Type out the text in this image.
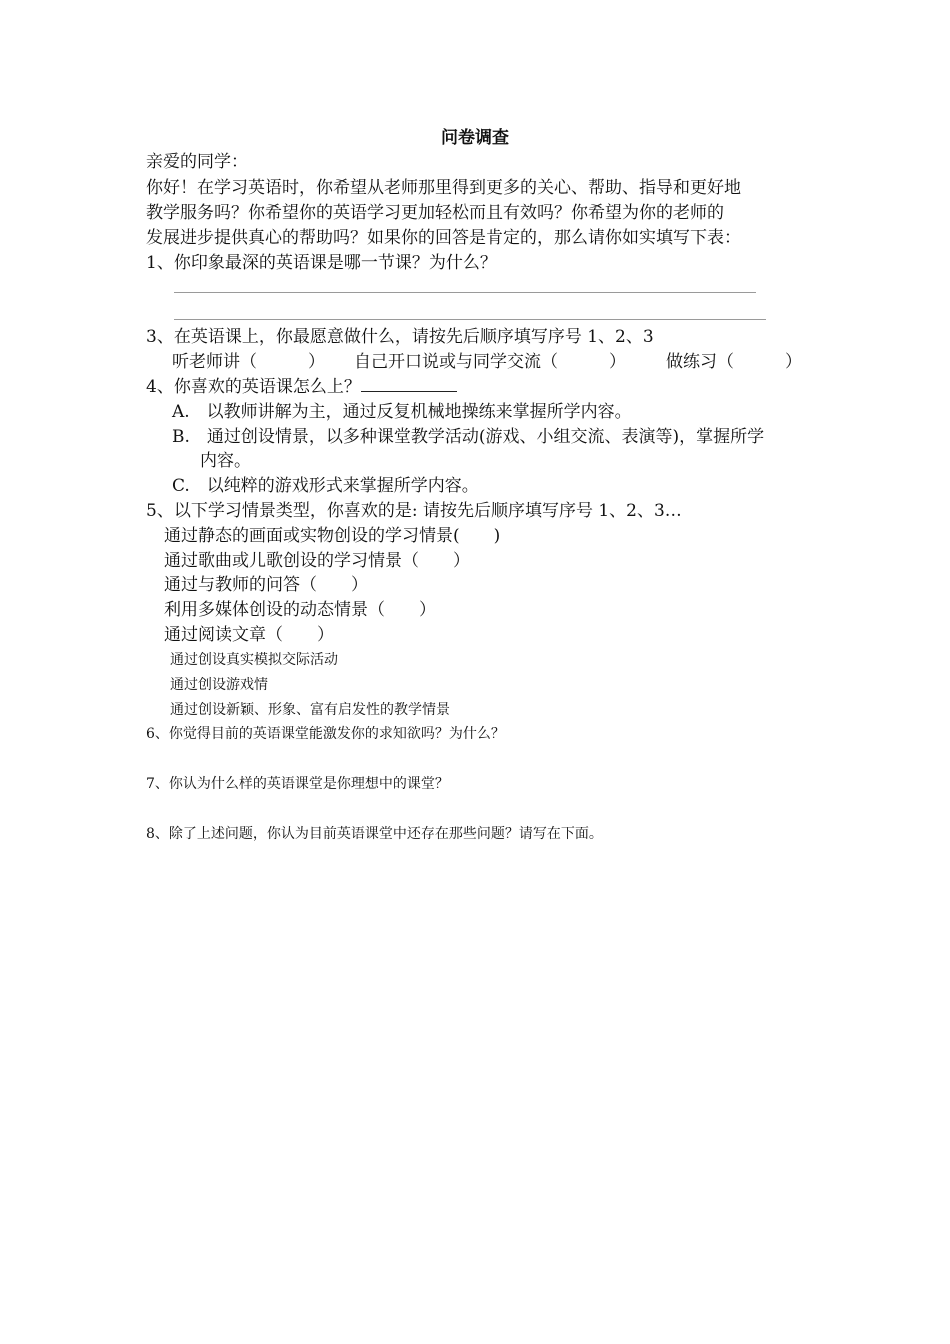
问卷调查
亲爱的同学：
你好！在学习英语时，你希望从老师那里得到更多的关心、帮助、指导和更好地
教学服务吗？你希望你的英语学习更加轻松而且有效吗？你希望为你的老师的
发展进步提供真心的帮助吗？如果你的回答是肯定的，那么请你如实填写下表：
1、你印象最深的英语课是哪一节课？为什么？
3、在英语课上，你最愿意做什么，请按先后顺序填写序号 1、2、3
听老师讲（　　　） 自己开口说或与同学交流（　　　） 做练习（　　　）
4、你喜欢的英语课怎么上？
A.　以教师讲解为主，通过反复机械地操练来掌握所学内容。
B.　通过创设情景，以多种课堂教学活动(游戏、小组交流、表演等)，掌握所学
内容。
C.　以纯粹的游戏形式来掌握所学内容。
5、以下学习情景类型，你喜欢的是: 请按先后顺序填写序号 1、2、3…
通过静态的画面或实物创设的学习情景(　　)
通过歌曲或儿歌创设的学习情景（　　）
通过与教师的问答（　　）
利用多媒体创设的动态情景（　　）
通过阅读文章（　　）
通过创设真实模拟交际活动
通过创设游戏情
通过创设新颖、形象、富有启发性的教学情景
6、你觉得目前的英语课堂能激发你的求知欲吗？为什么？
7、你认为什么样的英语课堂是你理想中的课堂？
8、除了上述问题，你认为目前英语课堂中还存在那些问题？请写在下面。
